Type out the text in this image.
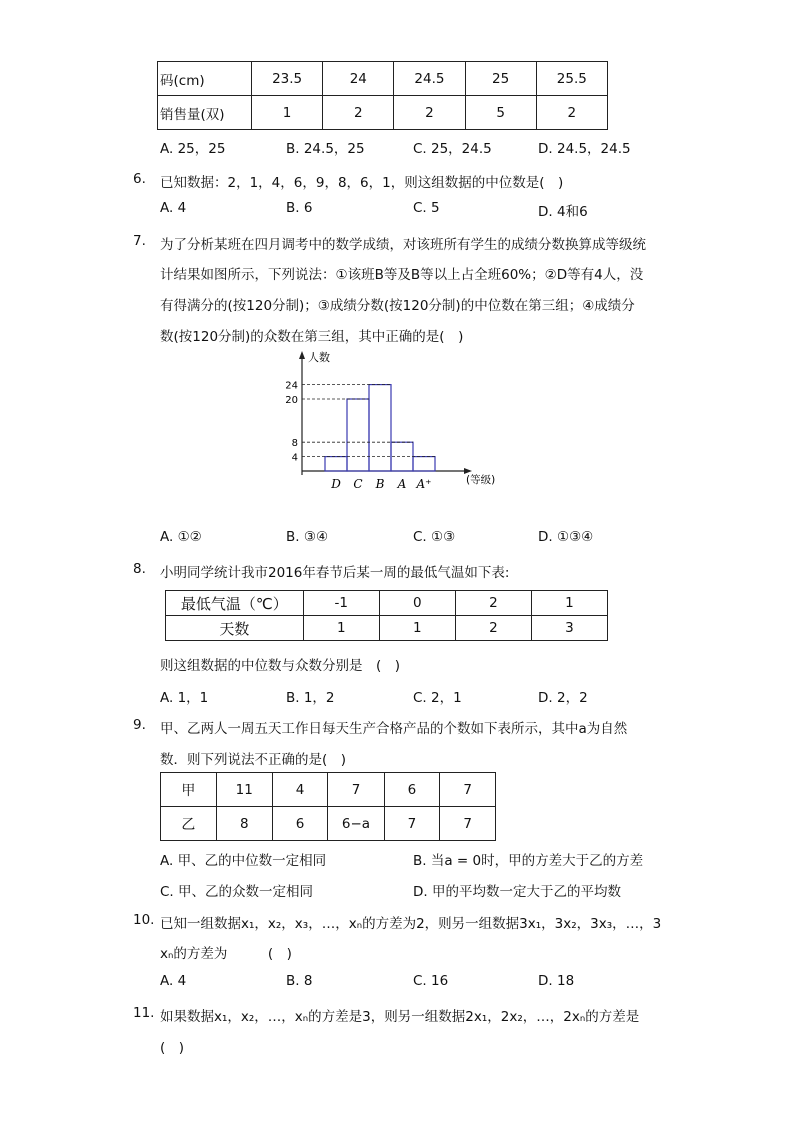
码(cm)	23.5	24	24.5	25	25.5
销售量(双)	1	2	2	5	2
A. 25，25	B. 24.5，25	C. 25，24.5	D. 24.5，24.5
6. 已知数据：2，1，4，6，9，8，6，1，则这组数据的中位数是(　)
A. 4	B. 6	C. 5	D. 4和6
7. 为了分析某班在四月调考中的数学成绩，对该班所有学生的成绩分数换算成等级统
计结果如图所示，下列说法：①该班B等及B等以上占全班60%；②D等有4人，没
有得满分的(按120分制)；③成绩分数(按120分制)的中位数在第三组；④成绩分
数(按120分制)的众数在第三组，其中正确的是(　)
4
8
20
24
D C B A A⁺
人数
(等级)
A. ①②	B. ③④	C. ①③	D. ①③④
8. 小明同学统计我市2016年春节后某一周的最低气温如下表:
最低气温（℃）	-1	0	2	1
天数	1	1	2	3
则这组数据的中位数与众数分别是　(　)
A. 1，1	B. 1，2	C. 2，1	D. 2，2
9. 甲、乙两人一周五天工作日每天生产合格产品的个数如下表所示，其中a为自然
数．则下列说法不正确的是(　)
甲	11	4	7	6	7
乙	8	6	6−a	7	7
A. 甲、乙的中位数一定相同	B. 当a = 0时，甲的方差大于乙的方差
C. 甲、乙的众数一定相同	D. 甲的平均数一定大于乙的平均数
10. 已知一组数据x₁，x₂，x₃，…，xₙ的方差为2，则另一组数据3x₁，3x₂，3x₃，…，3
xₙ的方差为　　　(　)
A. 4	B. 8	C. 16	D. 18
11. 如果数据x₁，x₂，…，xₙ的方差是3，则另一组数据2x₁，2x₂，…，2xₙ的方差是
(　)
